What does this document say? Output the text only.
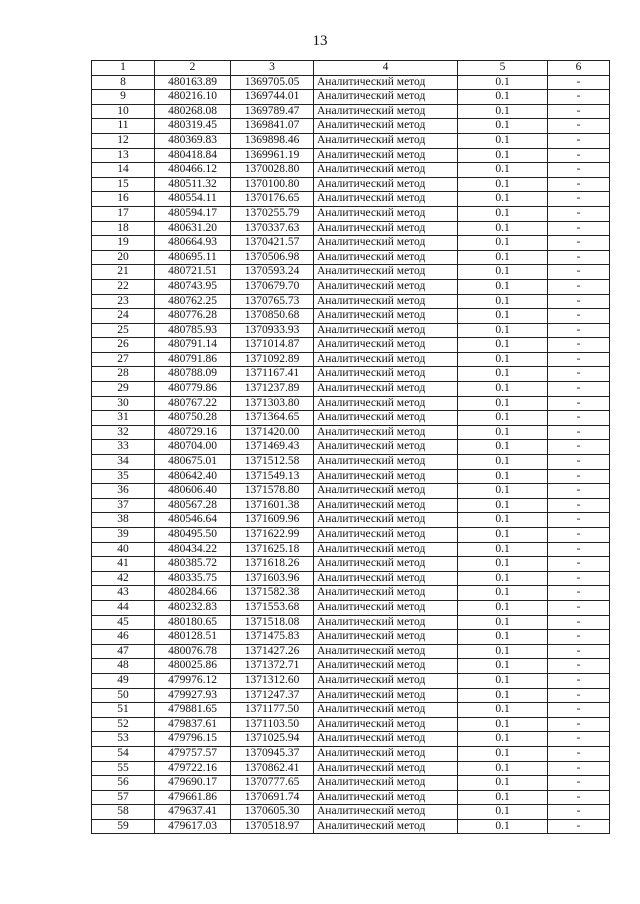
13
1	2	3	4	5	6
8	480163.89	1369705.05	Аналитический метод	0.1	-
9	480216.10	1369744.01	Аналитический метод	0.1	-
10	480268.08	1369789.47	Аналитический метод	0.1	-
11	480319.45	1369841.07	Аналитический метод	0.1	-
12	480369.83	1369898.46	Аналитический метод	0.1	-
13	480418.84	1369961.19	Аналитический метод	0.1	-
14	480466.12	1370028.80	Аналитический метод	0.1	-
15	480511.32	1370100.80	Аналитический метод	0.1	-
16	480554.11	1370176.65	Аналитический метод	0.1	-
17	480594.17	1370255.79	Аналитический метод	0.1	-
18	480631.20	1370337.63	Аналитический метод	0.1	-
19	480664.93	1370421.57	Аналитический метод	0.1	-
20	480695.11	1370506.98	Аналитический метод	0.1	-
21	480721.51	1370593.24	Аналитический метод	0.1	-
22	480743.95	1370679.70	Аналитический метод	0.1	-
23	480762.25	1370765.73	Аналитический метод	0.1	-
24	480776.28	1370850.68	Аналитический метод	0.1	-
25	480785.93	1370933.93	Аналитический метод	0.1	-
26	480791.14	1371014.87	Аналитический метод	0.1	-
27	480791.86	1371092.89	Аналитический метод	0.1	-
28	480788.09	1371167.41	Аналитический метод	0.1	-
29	480779.86	1371237.89	Аналитический метод	0.1	-
30	480767.22	1371303.80	Аналитический метод	0.1	-
31	480750.28	1371364.65	Аналитический метод	0.1	-
32	480729.16	1371420.00	Аналитический метод	0.1	-
33	480704.00	1371469.43	Аналитический метод	0.1	-
34	480675.01	1371512.58	Аналитический метод	0.1	-
35	480642.40	1371549.13	Аналитический метод	0.1	-
36	480606.40	1371578.80	Аналитический метод	0.1	-
37	480567.28	1371601.38	Аналитический метод	0.1	-
38	480546.64	1371609.96	Аналитический метод	0.1	-
39	480495.50	1371622.99	Аналитический метод	0.1	-
40	480434.22	1371625.18	Аналитический метод	0.1	-
41	480385.72	1371618.26	Аналитический метод	0.1	-
42	480335.75	1371603.96	Аналитический метод	0.1	-
43	480284.66	1371582.38	Аналитический метод	0.1	-
44	480232.83	1371553.68	Аналитический метод	0.1	-
45	480180.65	1371518.08	Аналитический метод	0.1	-
46	480128.51	1371475.83	Аналитический метод	0.1	-
47	480076.78	1371427.26	Аналитический метод	0.1	-
48	480025.86	1371372.71	Аналитический метод	0.1	-
49	479976.12	1371312.60	Аналитический метод	0.1	-
50	479927.93	1371247.37	Аналитический метод	0.1	-
51	479881.65	1371177.50	Аналитический метод	0.1	-
52	479837.61	1371103.50	Аналитический метод	0.1	-
53	479796.15	1371025.94	Аналитический метод	0.1	-
54	479757.57	1370945.37	Аналитический метод	0.1	-
55	479722.16	1370862.41	Аналитический метод	0.1	-
56	479690.17	1370777.65	Аналитический метод	0.1	-
57	479661.86	1370691.74	Аналитический метод	0.1	-
58	479637.41	1370605.30	Аналитический метод	0.1	-
59	479617.03	1370518.97	Аналитический метод	0.1	-
